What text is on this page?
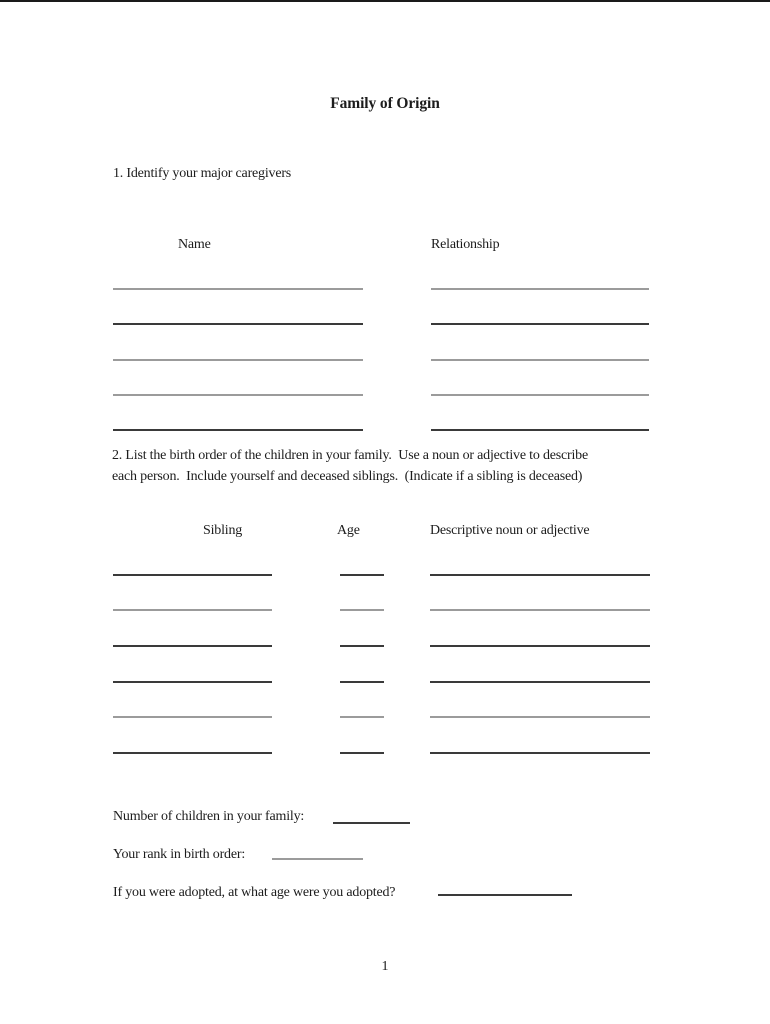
Family of Origin
1. Identify your major caregivers
Name	Relationship
2. List the birth order of the children in your family.  Use a noun or adjective to describe
each person.  Include yourself and deceased siblings.  (Indicate if a sibling is deceased)
Sibling	Age	Descriptive noun or adjective
Number of children in your family:
Your rank in birth order:
If you were adopted, at what age were you adopted?
1
